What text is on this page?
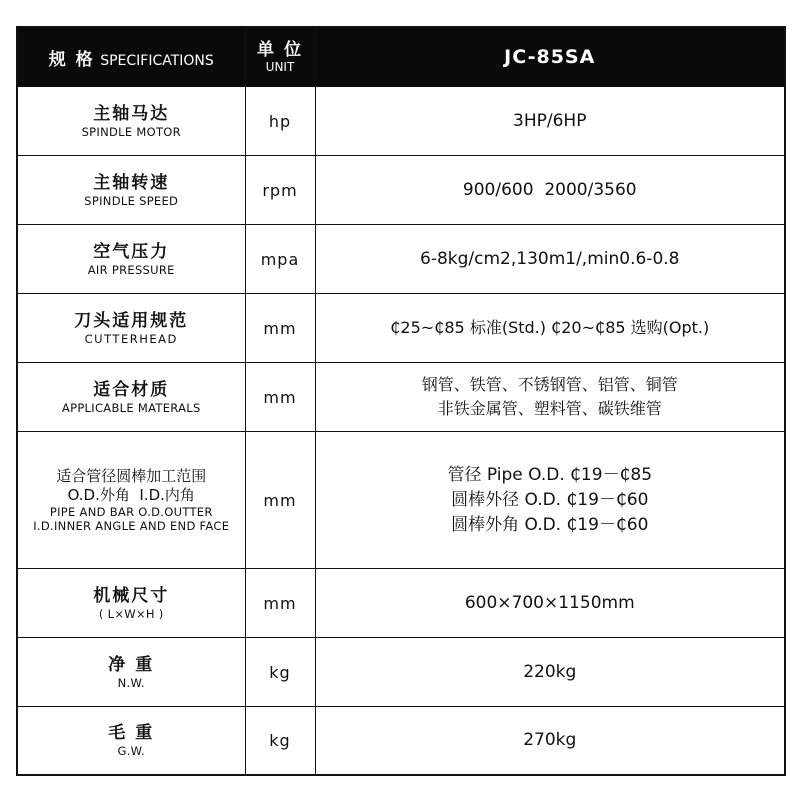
规 格 SPECIFICATIONS	单 位
UNIT	JC-85SA

主轴马达
SPINDLE MOTOR	hp	3HP/6HP

主轴转速
SPINDLE SPEED	rpm	900/600  2000/3560

空气压力
AIR PRESSURE	mpa	6-8kg/cm2,130m1/,min0.6-0.8

刀头适用规范
CUTTERHEAD	mm	₵25~₵85 标准(Std.) ₵20~₵85 选购(Opt.)

适合材质
APPLICABLE MATERALS	mm	钢管、铁管、不锈钢管、铝管、铜管
非铁金属管、塑料管、碳铁维管

适合管径圆棒加工范围
O.D.外角  I.D.内角
PIPE AND BAR O.D.OUTTER
I.D.INNER ANGLE AND END FACE	mm	管径 Pipe O.D. ₵19－₵85
圆棒外径 O.D. ₵19－₵60
圆棒外角 O.D. ₵19－₵60

机械尺寸
( L×W×H )	mm	600×700×1150mm

净 重
N.W.	kg	220kg

毛 重
G.W.	kg	270kg
